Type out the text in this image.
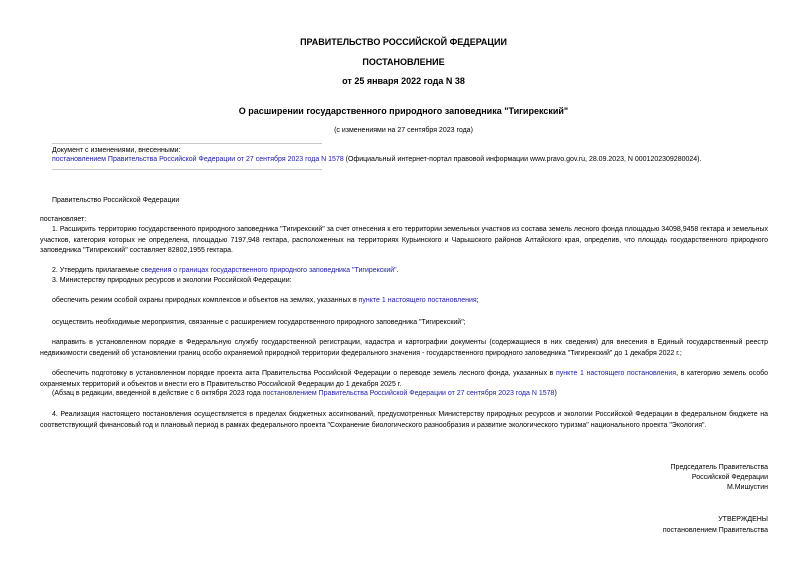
ПРАВИТЕЛЬСТВО РОССИЙСКОЙ ФЕДЕРАЦИИ
ПОСТАНОВЛЕНИЕ
от 25 января 2022 года N 38
О расширении государственного природного заповедника "Тигирекский"
(с изменениями на 27 сентября 2023 года)
Документ с изменениями, внесенными:
постановлением Правительства Российской Федерации от 27 сентября 2023 года N 1578 (Официальный интернет-портал правовой информации www.pravo.gov.ru, 28.09.2023, N 0001202309280024).
Правительство Российской Федерации
постановляет:
1. Расширить территорию государственного природного заповедника "Тигирекский" за счет отнесения к его территории земельных участков из состава земель лесного фонда площадью 34098,9458 гектара и земельных участков, категория которых не определена, площадью 7197,948 гектара, расположенных на территориях Курьинского и Чарышского районов Алтайского края, определив, что площадь государственного природного заповедника "Тигирекский" составляет 82802,1955 гектара.
2. Утвердить прилагаемые сведения о границах государственного природного заповедника "Тигирекский".
3. Министерству природных ресурсов и экологии Российской Федерации:
обеспечить режим особой охраны природных комплексов и объектов на землях, указанных в пункте 1 настоящего постановления;
осуществить необходимые мероприятия, связанные с расширением государственного природного заповедника "Тигирекский";
направить в установленном порядке в Федеральную службу государственной регистрации, кадастра и картографии документы (содержащиеся в них сведения) для внесения в Единый государственный реестр недвижимости сведений об установлении границ особо охраняемой природной территории федерального значения - государственного природного заповедника "Тигирекский" до 1 декабря 2022 г.;
обеспечить подготовку в установленном порядке проекта акта Правительства Российской Федерации о переводе земель лесного фонда, указанных в пункте 1 настоящего постановления, в категорию земель особо охраняемых территорий и объектов и внести его в Правительство Российской Федерации до 1 декабря 2025 г.
(Абзац в редакции, введенной в действие с 6 октября 2023 года постановлением Правительства Российской Федерации от 27 сентября 2023 года N 1578)
4. Реализация настоящего постановления осуществляется в пределах бюджетных ассигнований, предусмотренных Министерству природных ресурсов и экологии Российской Федерации в федеральном бюджете на соответствующий финансовый год и плановый период в рамках федерального проекта "Сохранение биологического разнообразия и развитие экологического туризма" национального проекта "Экология".
Председатель Правительства
Российской Федерации
М.Мишустин
УТВЕРЖДЕНЫ
постановлением Правительства
